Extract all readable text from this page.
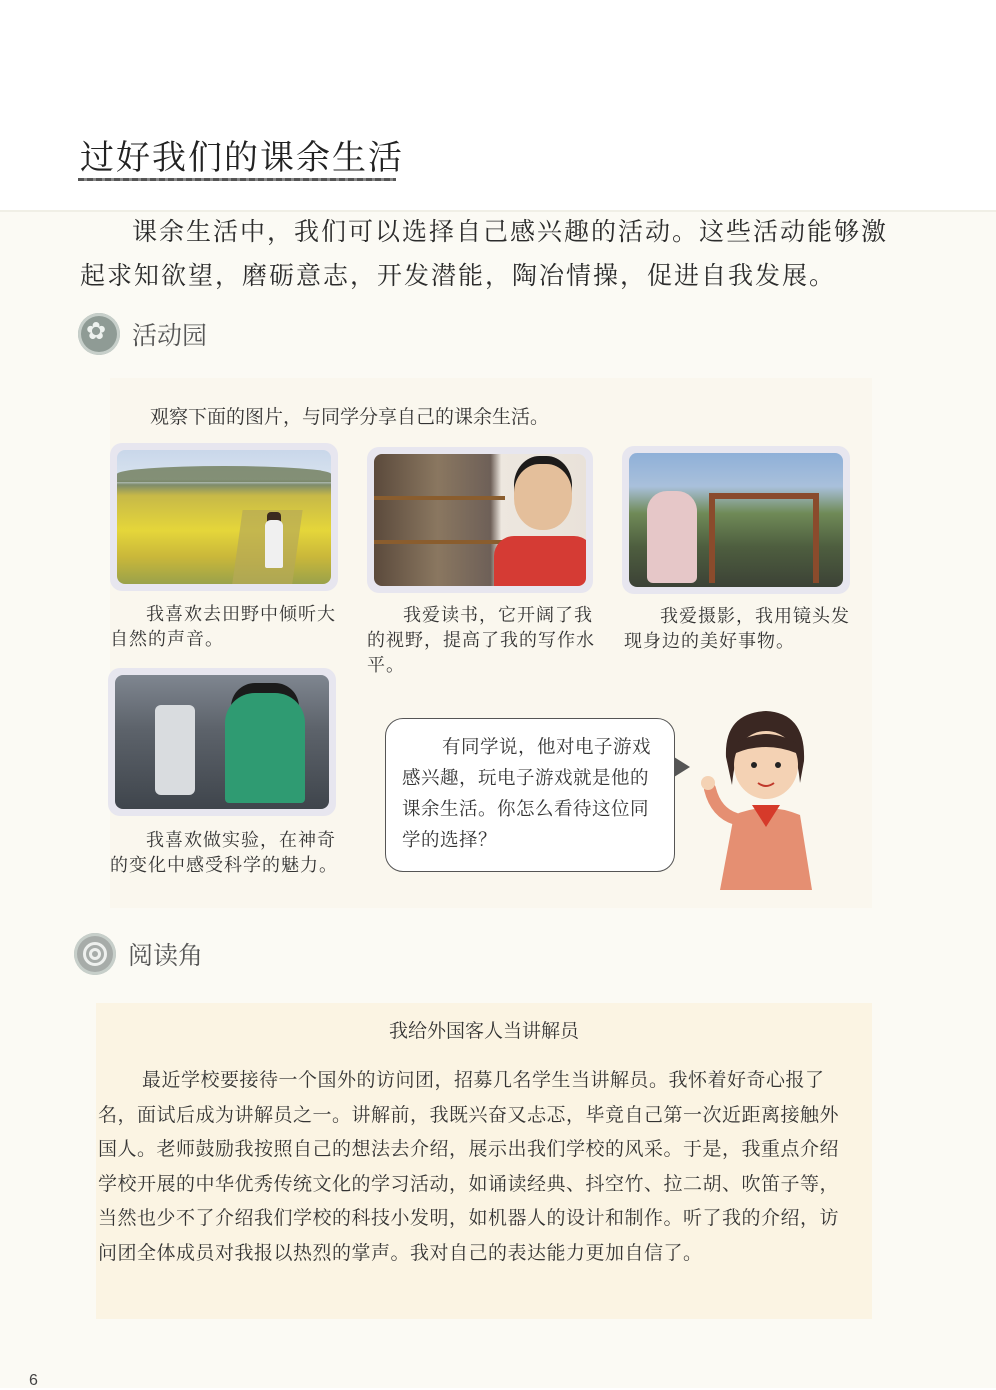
过好我们的课余生活

课余生活中，我们可以选择自己感兴趣的活动。这些活动能够激起求知欲望，磨砺意志，开发潜能，陶冶情操，促进自我发展。

✿
活动园
观察下面的图片，与同学分享自己的课余生活。
我喜欢去田野中倾听大自然的声音。
我爱读书，它开阔了我的视野，提高了我的写作水平。
我爱摄影，我用镜头发现身边的美好事物。
我喜欢做实验，在神奇的变化中感受科学的魅力。
有同学说，他对电子游戏感兴趣，玩电子游戏就是他的课余生活。你怎么看待这位同学的选择？
阅读角
我给外国客人当讲解员

最近学校要接待一个国外的访问团，招募几名学生当讲解员。我怀着好奇心报了名，面试后成为讲解员之一。讲解前，我既兴奋又忐忑，毕竟自己第一次近距离接触外国人。老师鼓励我按照自己的想法去介绍，展示出我们学校的风采。于是，我重点介绍学校开展的中华优秀传统文化的学习活动，如诵读经典、抖空竹、拉二胡、吹笛子等，当然也少不了介绍我们学校的科技小发明，如机器人的设计和制作。听了我的介绍，访问团全体成员对我报以热烈的掌声。我对自己的表达能力更加自信了。

6
